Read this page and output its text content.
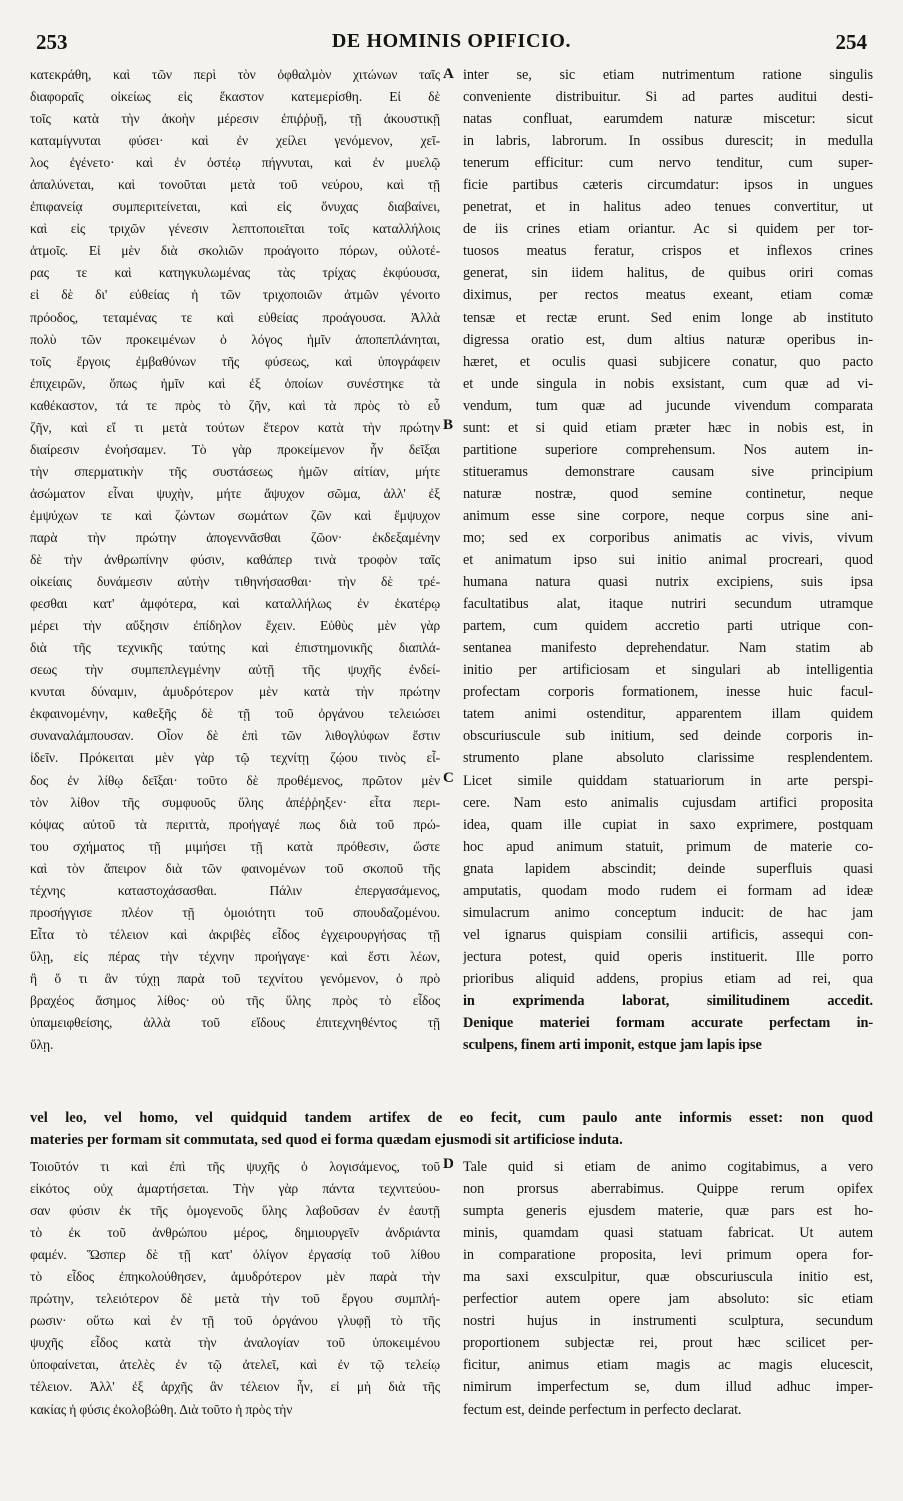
253	DE HOMINIS OPIFICIO.	254
κατεκράθη, καὶ τῶν περὶ τὸν ὀφθαλμὸν χιτώνων ταῖς
διαφοραῖς οἰκείως εἰς ἕκαστον κατεμερίσθη. Εἰ δὲ
τοῖς κατὰ τὴν ἀκοὴν μέρεσιν ἐπιῤῥυῇ, τῇ ἀκουστικῇ
καταμίγνυται φύσει· καὶ ἐν χείλει γενόμενον, χεῖ-
λος ἐγένετο· καὶ ἐν ὀστέῳ πήγνυται, καὶ ἐν μυελῷ
ἁπαλύνεται, καὶ τονοῦται μετὰ τοῦ νεύρου, καὶ τῇ
ἐπιφανείᾳ συμπεριτείνεται, καὶ εἰς ὄνυχας διαβαίνει,
καὶ εἰς τριχῶν γένεσιν λεπτοποιεῖται τοῖς καταλλήλοις
ἀτμοῖς. Εἰ μὲν διὰ σκολιῶν προάγοιτο πόρων, οὐλοτέ-
ρας τε καὶ κατηγκυλωμένας τὰς τρίχας ἐκφύουσα,
εἰ δὲ δι' εὐθείας ἡ τῶν τριχοποιῶν ἀτμῶν γένοιτο
πρόοδος, τεταμένας τε καὶ εὐθείας προάγουσα. Ἀλλὰ
πολὺ τῶν προκειμένων ὁ λόγος ἡμῖν ἀποπεπλάνηται,
τοῖς ἔργοις ἐμβαθύνων τῆς φύσεως, καὶ ὑπογράφειν
ἐπιχειρῶν, ὅπως ἡμῖν καὶ ἐξ ὁποίων συνέστηκε τὰ
καθέκαστον, τά τε πρὸς τὸ ζῆν, καὶ τὰ πρὸς τὸ εὖ
ζῆν, καὶ εἴ τι μετὰ τούτων ἕτερον κατὰ τὴν πρώτην
διαίρεσιν ἐνοήσαμεν. Τὸ γὰρ προκείμενον ἦν δεῖξαι
τὴν σπερματικὴν τῆς συστάσεως ἡμῶν αἰτίαν, μήτε
ἀσώματον εἶναι ψυχὴν, μήτε ἄψυχον σῶμα, ἀλλ' ἐξ
ἐμψύχων τε καὶ ζώντων σωμάτων ζῶν καὶ ἔμψυχον
παρὰ τὴν πρώτην ἀπογεννᾶσθαι ζῶον· ἐκδεξαμένην
δὲ τὴν ἀνθρωπίνην φύσιν, καθάπερ τινὰ τροφὸν ταῖς
οἰκείαις δυνάμεσιν αὐτὴν τιθηνήσασθαι· τὴν δὲ τρέ-
φεσθαι κατ' ἀμφότερα, καὶ καταλλήλως ἐν ἑκατέρῳ
μέρει τὴν αὔξησιν ἐπίδηλον ἔχειν. Εὐθὺς μὲν γὰρ
διὰ τῆς τεχνικῆς ταύτης καὶ ἐπιστημονικῆς διαπλά-
σεως τὴν συμπεπλεγμένην αὐτῇ τῆς ψυχῆς ἐνδεί-
κνυται δύναμιν, ἀμυδρότερον μὲν κατὰ τὴν πρώτην
ἐκφαινομένην, καθεξῆς δὲ τῇ τοῦ ὀργάνου τελειώσει
συναναλάμπουσαν. Οἷον δὲ ἐπὶ τῶν λιθογλύφων ἔστιν
ἰδεῖν. Πρόκειται μὲν γὰρ τῷ τεχνίτῃ ζῴου τινὸς εἶ-
δος ἐν λίθῳ δεῖξαι· τοῦτο δὲ προθέμενος, πρῶτον μὲν
τὸν λίθον τῆς συμφυοῦς ὕλης ἀπέῤῥηξεν· εἶτα περι-
κόψας αὐτοῦ τὰ περιττὰ, προήγαγέ πως διὰ τοῦ πρώ-
του σχήματος τῇ μιμήσει τῇ κατὰ πρόθεσιν, ὥστε
καὶ τὸν ἄπειρον διὰ τῶν φαινομένων τοῦ σκοποῦ τῆς
τέχνης καταστοχάσασθαι. Πάλιν ἐπεργασάμενος,
προσήγγισε πλέον τῇ ὁμοιότητι τοῦ σπουδαζομένου.
Εἶτα τὸ τέλειον καὶ ἀκριβὲς εἶδος ἐγχειρουργήσας τῇ
ὕλῃ, εἰς πέρας τὴν τέχνην προήγαγε· καὶ ἔστι λέων,
ἢ ὅ τι ἂν τύχῃ παρὰ τοῦ τεχνίτου γενόμενον, ὁ πρὸ
βραχέος ἄσημος λίθος· οὐ τῆς ὕλης πρὸς τὸ εἶδος
ὑπαμειφθείσης, ἀλλὰ τοῦ εἴδους ἐπιτεχνηθέντος τῇ
ὕλῃ.
inter se, sic etiam nutrimentum ratione singulis
conveniente distribuitur. Si ad partes auditui desti-
natas confluat, earumdem naturæ miscetur: sicut
in labris, labrorum. In ossibus durescit; in medulla
tenerum efficitur: cum nervo tenditur, cum super-
ficie partibus cæteris circumdatur: ipsos in ungues
penetrat, et in halitus adeo tenues convertitur, ut
de iis crines etiam oriantur. Ac si quidem per tor-
tuosos meatus feratur, crispos et inflexos crines
generat, sin iidem halitus, de quibus oriri comas
diximus, per rectos meatus exeant, etiam comæ
tensæ et rectæ erunt. Sed enim longe ab instituto
digressa oratio est, dum altius naturæ operibus in-
hæret, et oculis quasi subjicere conatur, quo pacto
et unde singula in nobis exsistant, cum quæ ad vi-
vendum, tum quæ ad jucunde vivendum comparata
sunt: et si quid etiam præter hæc in nobis est, in
partitione superiore comprehensum. Nos autem in-
stitueramus demonstrare causam sive principium
naturæ nostræ, quod semine continetur, neque
animum esse sine corpore, neque corpus sine ani-
mo; sed ex corporibus animatis ac vivis, vivum
et animatum ipso sui initio animal procreari, quod
humana natura quasi nutrix excipiens, suis ipsa
facultatibus alat, itaque nutriri secundum utramque
partem, cum quidem accretio parti utrique con-
sentanea manifesto deprehendatur. Nam statim ab
initio per artificiosam et singulari ab intelligentia
profectam corporis formationem, inesse huic facul-
tatem animi ostenditur, apparentem illam quidem
obscuriuscule sub initium, sed deinde corporis in-
strumento plane absoluto clarissime resplendentem.
Licet simile quiddam statuariorum in arte perspi-
cere. Nam esto animalis cujusdam artifici proposita
idea, quam ille cupiat in saxo exprimere, postquam
hoc apud animum statuit, primum de materie co-
gnata lapidem abscindit; deinde superfluis quasi
amputatis, quodam modo rudem ei formam ad ideæ
simulacrum animo conceptum inducit: de hac jam
vel ignarus quispiam consilii artificis, assequi con-
jectura potest, quid operis instituerit. Ille porro
prioribus aliquid addens, propius etiam ad rei, qua
in exprimenda laborat, similitudinem accedit.
Denique materiei formam accurate perfectam in-
sculpens, finem arti imponit, estque jam lapis ipse
A
B
C
D
vel leo, vel homo, vel quidquid tandem artifex de eo fecit, cum paulo ante informis esset: non quod
materies per formam sit commutata, sed quod ei forma quædam ejusmodi sit artificiose induta.
Τοιοῦτόν τι καὶ ἐπὶ τῆς ψυχῆς ὁ λογισάμενος, τοῦ
εἰκότος οὐχ ἁμαρτήσεται. Τὴν γὰρ πάντα τεχνιτεύου-
σαν φύσιν ἐκ τῆς ὁμογενοῦς ὕλης λαβοῦσαν ἐν ἑαυτῇ
τὸ ἐκ τοῦ ἀνθρώπου μέρος, δημιουργεῖν ἀνδριάντα
φαμέν. Ὥσπερ δὲ τῇ κατ' ὀλίγον ἐργασίᾳ τοῦ λίθου
τὸ εἶδος ἐπηκολούθησεν, ἀμυδρότερον μὲν παρὰ τὴν
πρώτην, τελειότερον δὲ μετὰ τὴν τοῦ ἔργου συμπλή-
ρωσιν· οὕτω καὶ ἐν τῇ τοῦ ὀργάνου γλυφῇ τὸ τῆς
ψυχῆς εἶδος κατὰ τὴν ἀναλογίαν τοῦ ὑποκειμένου
ὑποφαίνεται, ἀτελὲς ἐν τῷ ἀτελεῖ, καὶ ἐν τῷ τελείῳ
τέλειον. Ἀλλ' ἐξ ἀρχῆς ἂν τέλειον ἦν, εἰ μὴ διὰ τῆς
κακίας ἡ φύσις ἐκολοβώθη. Διὰ τοῦτο ἡ πρὸς τὴν
Tale quid si etiam de animo cogitabimus, a vero
non prorsus aberrabimus. Quippe rerum opifex
sumpta generis ejusdem materie, quæ pars est ho-
minis, quamdam quasi statuam fabricat. Ut autem
in comparatione proposita, levi primum opera for-
ma saxi exsculpitur, quæ obscuriuscula initio est,
perfectior autem opere jam absoluto: sic etiam
nostri hujus in instrumenti sculptura, secundum
proportionem subjectæ rei, prout hæc scilicet per-
ficitur, animus etiam magis ac magis elucescit,
nimirum imperfectum se, dum illud adhuc imper-
fectum est, deinde perfectum in perfecto declarat.
